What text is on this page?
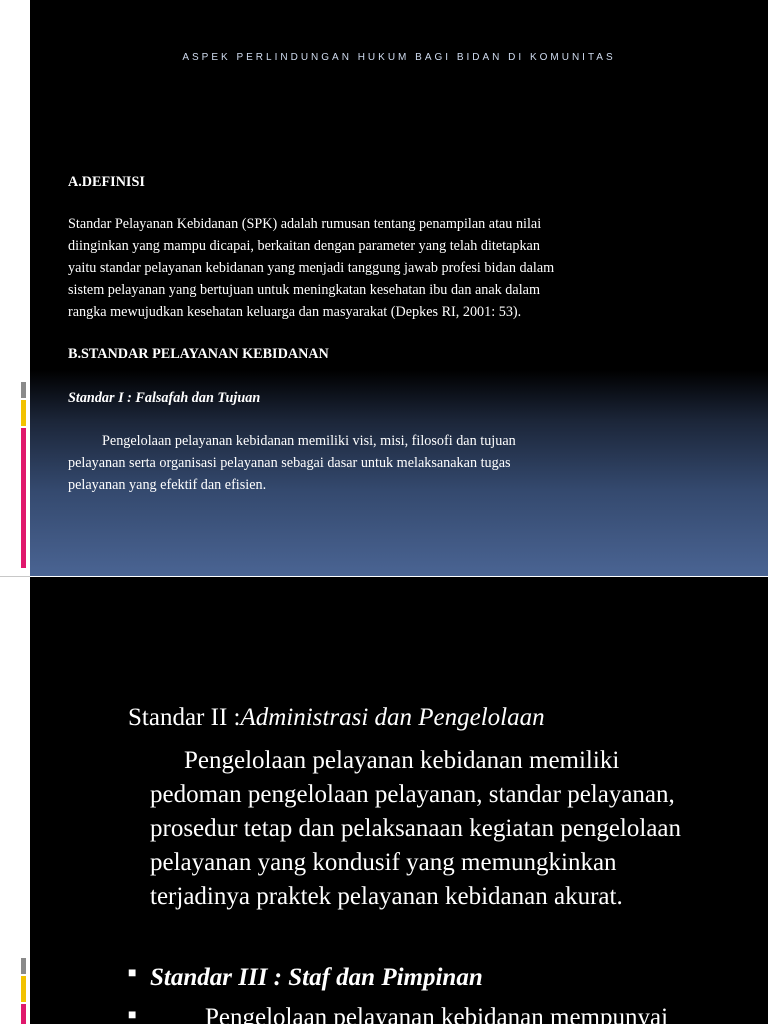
ASPEK PERLINDUNGAN HUKUM BAGI BIDAN DI KOMUNITAS
A.DEFINISI
Standar Pelayanan Kebidanan (SPK) adalah rumusan tentang penampilan atau nilai
diinginkan yang mampu dicapai, berkaitan dengan parameter yang telah ditetapkan
yaitu standar pelayanan kebidanan yang menjadi tanggung jawab profesi bidan dalam
sistem pelayanan yang bertujuan untuk meningkatan kesehatan ibu dan anak dalam
rangka mewujudkan kesehatan keluarga dan masyarakat (Depkes RI, 2001: 53).
B.STANDAR PELAYANAN KEBIDANAN
Standar I : Falsafah dan Tujuan
Pengelolaan pelayanan kebidanan memiliki visi, misi, filosofi dan tujuan
pelayanan serta organisasi pelayanan sebagai dasar untuk melaksanakan tugas
pelayanan yang efektif dan efisien.
Standar II :Administrasi dan Pengelolaan
Pengelolaan pelayanan kebidanan memiliki
pedoman pengelolaan pelayanan, standar pelayanan,
prosedur tetap dan pelaksanaan kegiatan pengelolaan
pelayanan yang kondusif yang memungkinkan
terjadinya praktek pelayanan kebidanan akurat.
■ Standar III : Staf dan Pimpinan
■	Pengelolaan pelayanan kebidanan mempunyai
